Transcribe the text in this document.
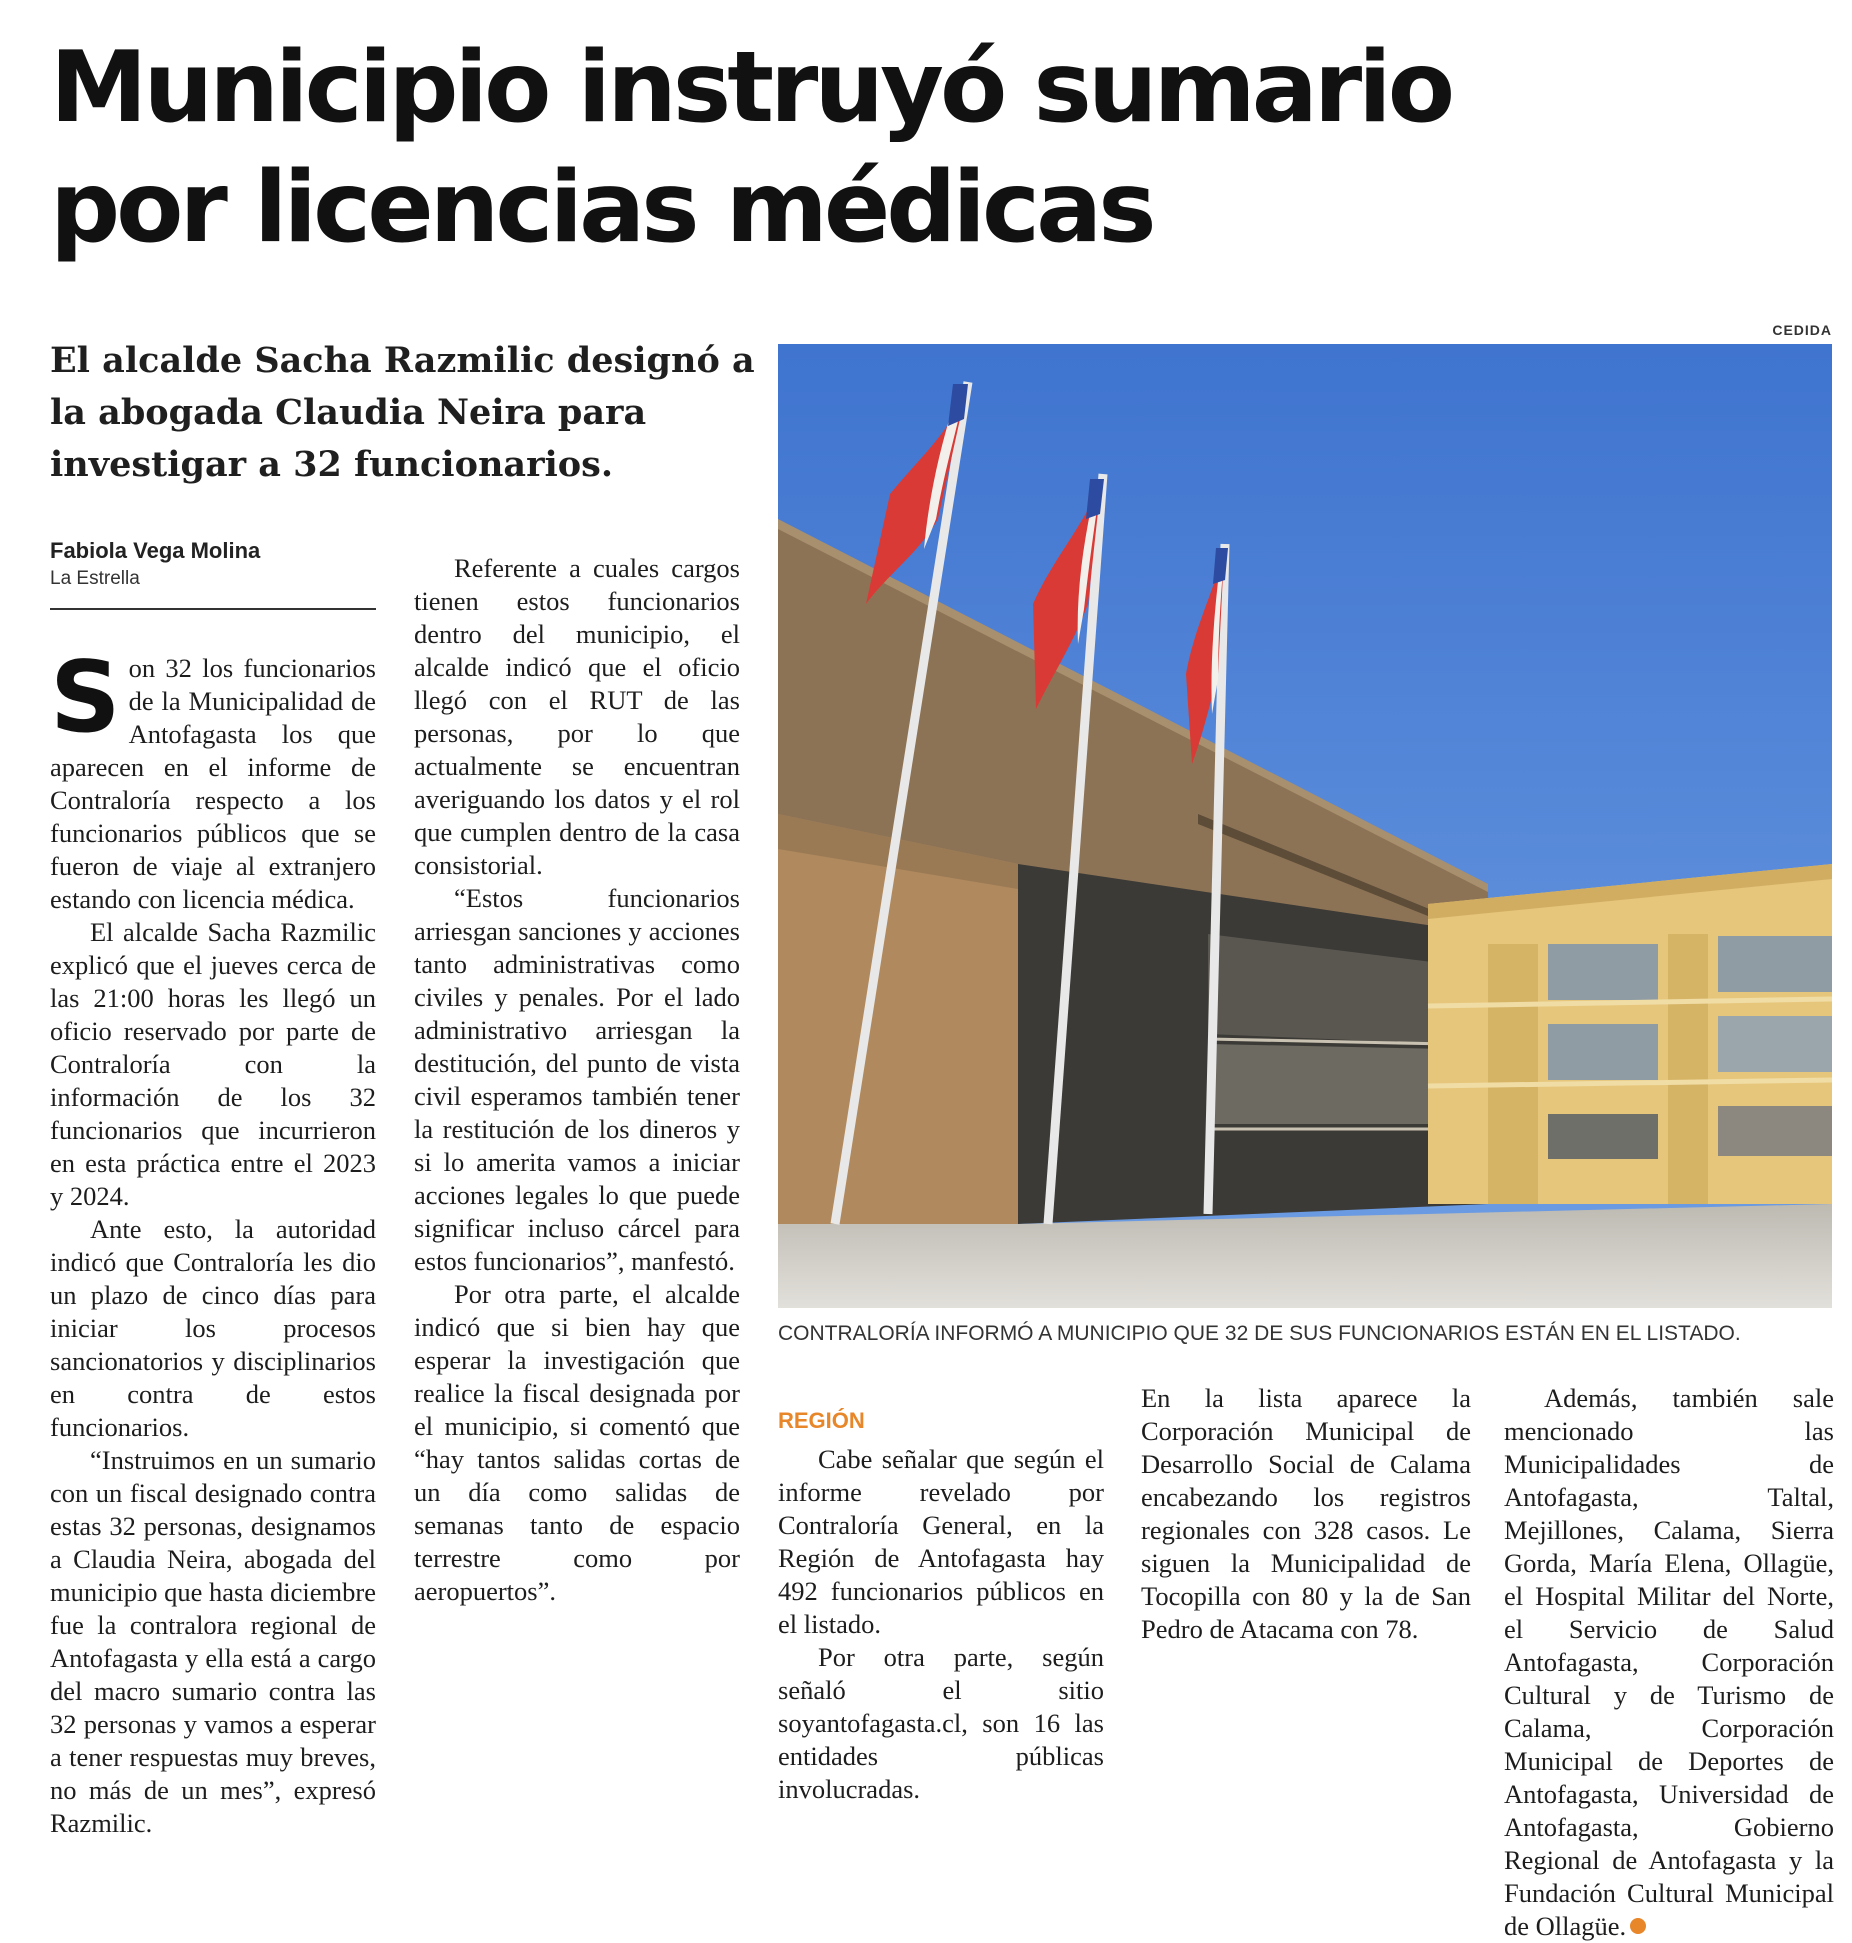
Municipio instruyó sumario
por licencias médicas
El alcalde Sacha Razmilic designó a
la abogada Claudia Neira para
investigar a 32 funcionarios.
Fabiola Vega Molina
La Estrella
CEDIDA
CONTRALORÍA INFORMÓ A MUNICIPIO QUE 32 DE SUS FUNCIONARIOS ESTÁN EN EL LISTADO.

Son 32 los funcionarios de la Municipalidad de Antofagasta los que aparecen en el informe de Contraloría respecto a los funcionarios públicos que se fueron de viaje al extranjero estando con licencia médica.

El alcalde Sacha Razmilic explicó que el jueves cerca de las 21:00 horas les llegó un oficio reservado por parte de Contraloría con la información de los 32 funcionarios que incurrieron en esta práctica entre el 2023 y 2024.

Ante esto, la autoridad indicó que Contraloría les dio un plazo de cinco días para iniciar los procesos sancionatorios y disciplinarios en contra de estos funcionarios.

“Instruimos en un sumario con un fiscal designado contra estas 32 personas, designamos a Claudia Neira, abogada del municipio que hasta diciembre fue la contralora regional de Antofagasta y ella está a cargo del macro sumario contra las 32 personas y vamos a esperar a tener respuestas muy breves, no más de un mes”, expresó Razmilic.

Referente a cuales cargos tienen estos funcionarios dentro del municipio, el alcalde indicó que el oficio llegó con el RUT de las personas, por lo que actualmente se encuentran averiguando los datos y el rol que cumplen dentro de la casa consistorial.

“Estos funcionarios arriesgan sanciones y acciones tanto administrativas como civiles y penales. Por el lado administrativo arriesgan la destitución, del punto de vista civil esperamos también tener la restitución de los dineros y si lo amerita vamos a iniciar acciones legales lo que puede significar incluso cárcel para estos funcionarios”, manfestó.

Por otra parte, el alcalde indicó que si bien hay que esperar la investigación que realice la fiscal designada por el municipio, si comentó que “hay tantos salidas cortas de un día como salidas de semanas tanto de espacio terrestre como por aeropuertos”.

REGIÓN

Cabe señalar que según el informe revelado por Contraloría General, en la Región de Antofagasta hay 492 funcionarios públicos en el listado.

Por otra parte, según señaló el sitio soyantofagasta.cl, son 16 las entidades públicas involucradas.

En la lista aparece la Corporación Municipal de Desarrollo Social de Calama encabezando los registros regionales con 328 casos. Le siguen la Municipalidad de Tocopilla con 80 y la de San Pedro de Atacama con 78.

Además, también sale mencionado las Municipalidades de Antofagasta, Taltal, Mejillones, Calama, Sierra Gorda, María Elena, Ollagüe, el Hospital Militar del Norte, el Servicio de Salud Antofagasta, Corporación Cultural y de Turismo de Calama, Corporación Municipal de Deportes de Antofagasta, Universidad de Antofagasta, Gobierno Regional de Antofagasta y la Fundación Cultural Municipal de Ollagüe.
